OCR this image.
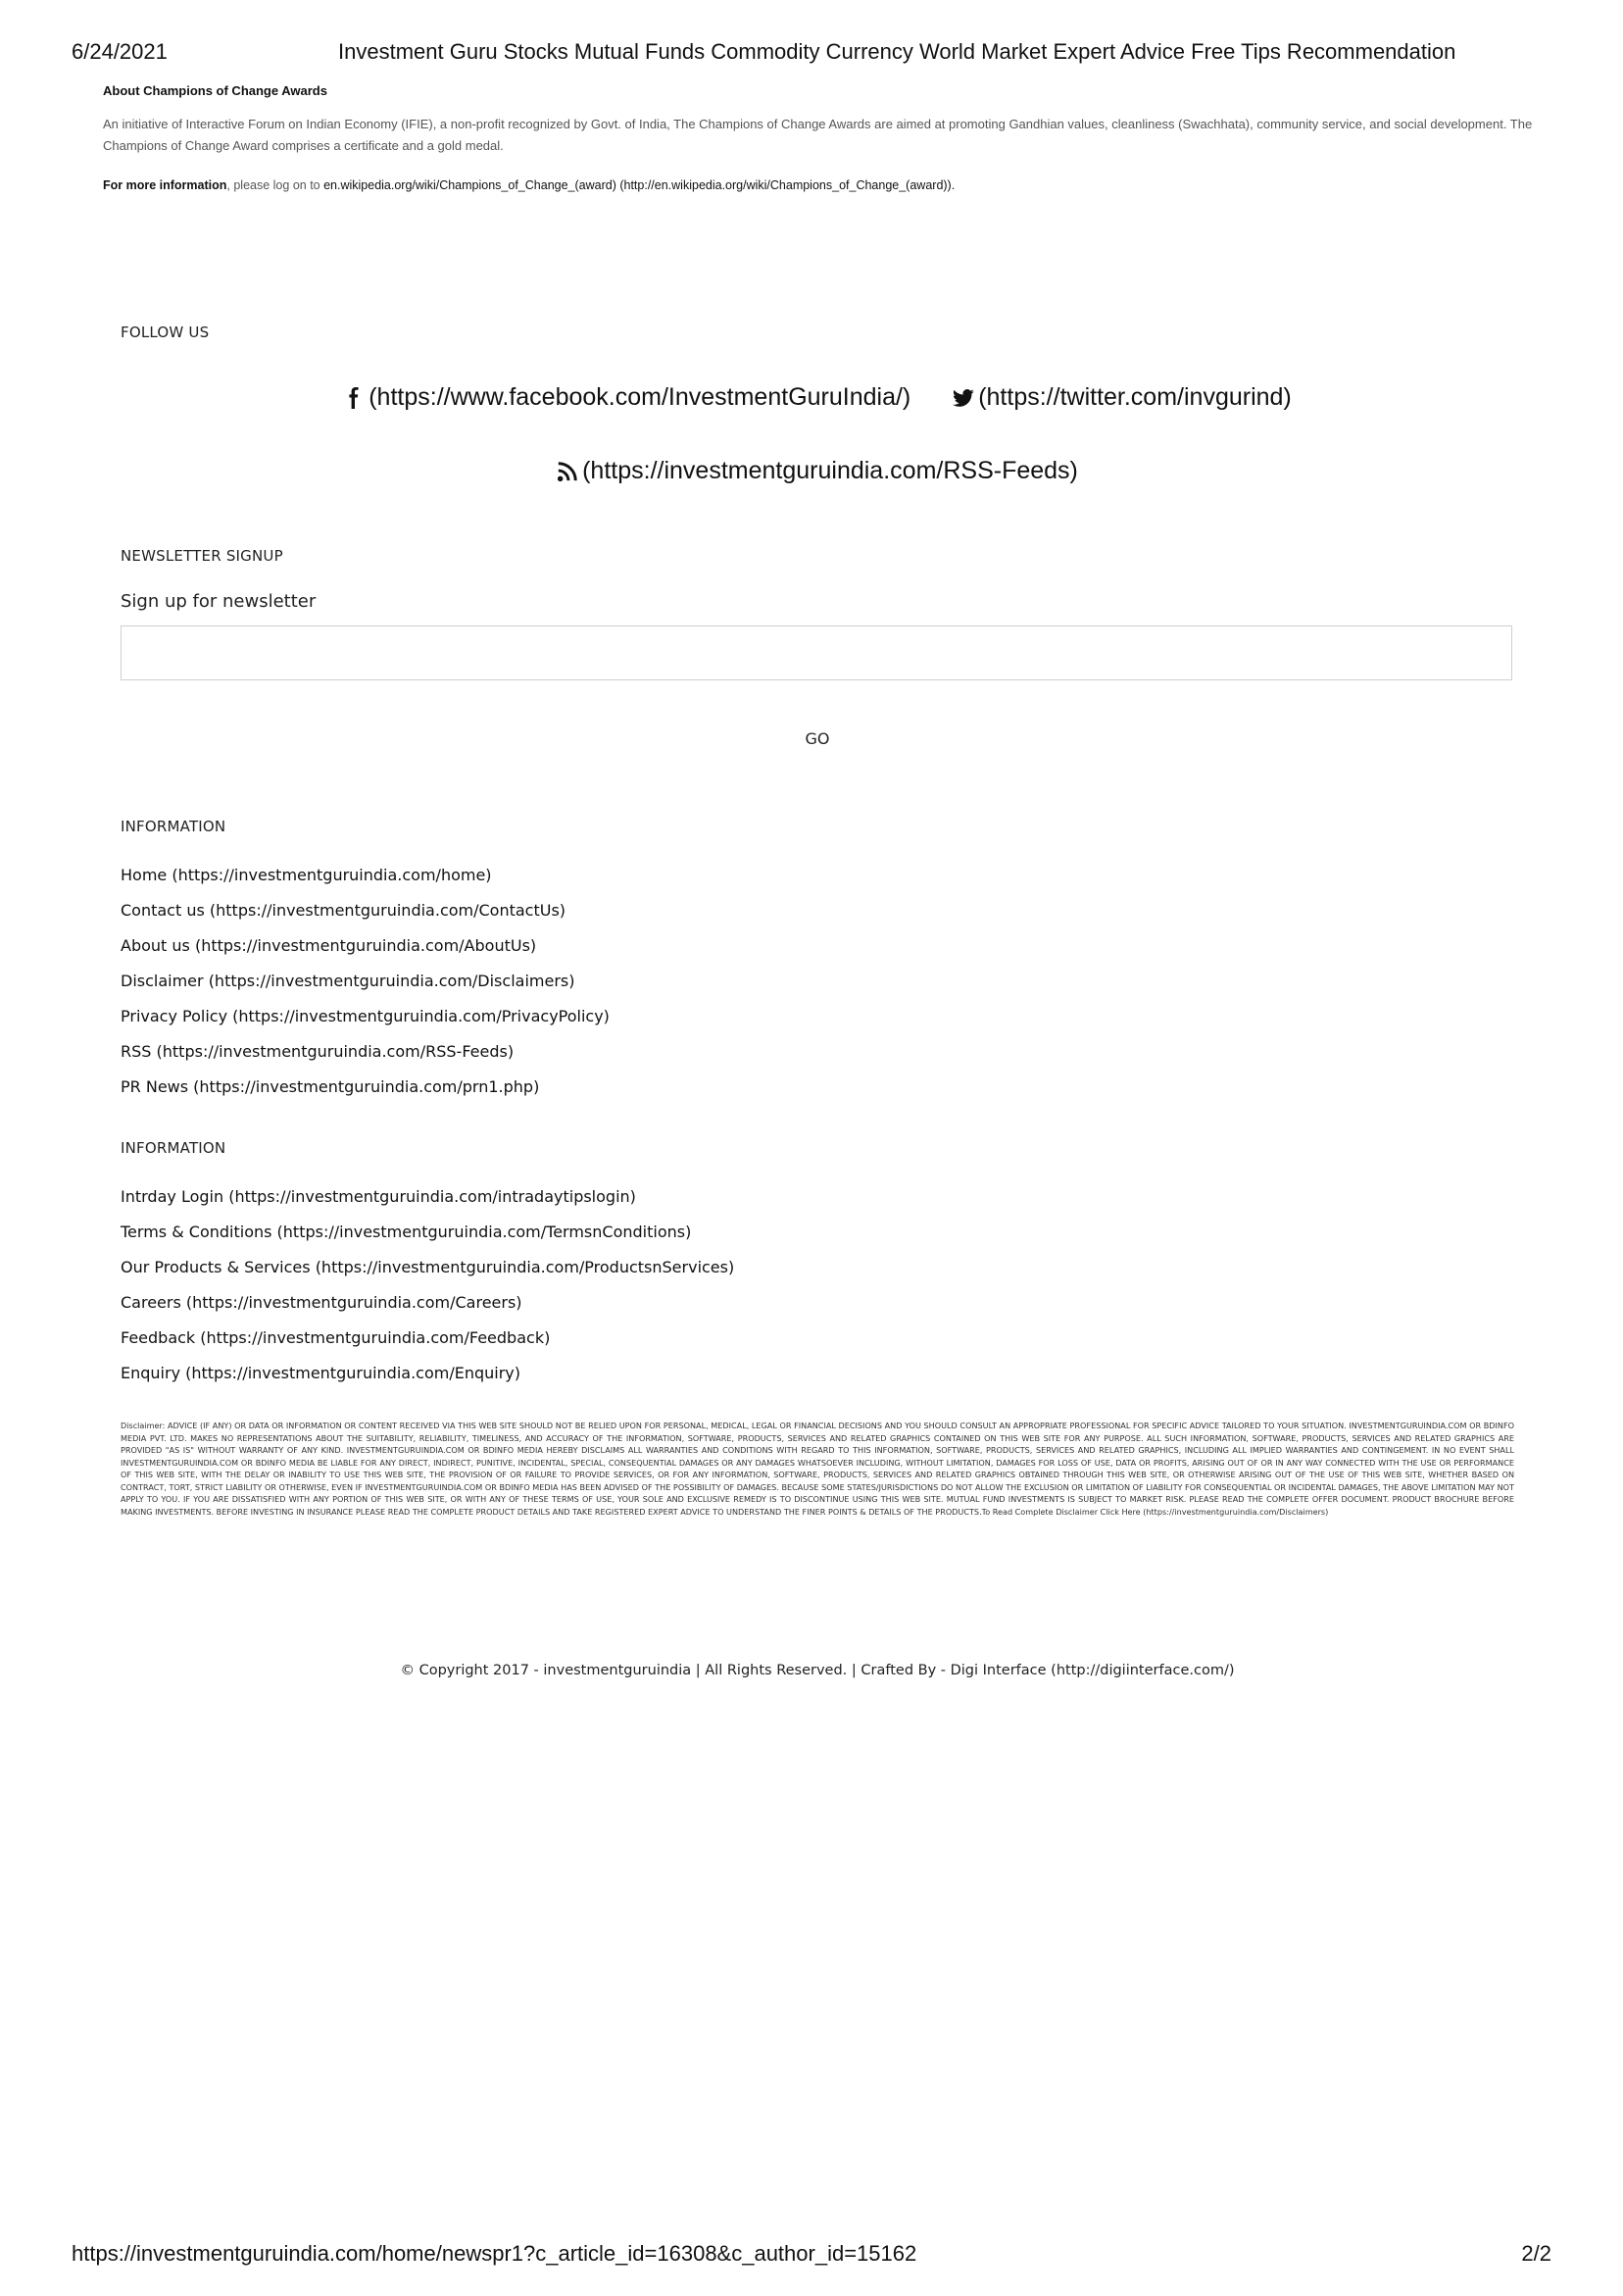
6/24/2021	Investment Guru Stocks Mutual Funds Commodity Currency World Market Expert Advice Free Tips Recommendation

About Champions of Change Awards

An initiative of Interactive Forum on Indian Economy (IFIE), a non-profit recognized by Govt. of India, The Champions of Change Awards are aimed at promoting Gandhian values, cleanliness (Swachhata), community service, and social development. The Champions of Change Award comprises a certificate and a gold medal.

For more information, please log on to en.wikipedia.org/wiki/Champions_of_Change_(award) (http://en.wikipedia.org/wiki/Champions_of_Change_(award)).

FOLLOW US

(https://www.facebook.com/InvestmentGuruIndia/)
	(https://twitter.com/invgurind)
(https://investmentguruindia.com/RSS-Feeds)

NEWSLETTER SIGNUP

Sign up for newsletter
GO

INFORMATION

Home (https://investmentguruindia.com/home)
Contact us (https://investmentguruindia.com/ContactUs)
About us (https://investmentguruindia.com/AboutUs)
Disclaimer (https://investmentguruindia.com/Disclaimers)
Privacy Policy (https://investmentguruindia.com/PrivacyPolicy)
RSS (https://investmentguruindia.com/RSS-Feeds)
PR News (https://investmentguruindia.com/prn1.php)

INFORMATION

Intrday Login (https://investmentguruindia.com/intradaytipslogin)
Terms & Conditions (https://investmentguruindia.com/TermsnConditions)
Our Products & Services (https://investmentguruindia.com/ProductsnServices)
Careers (https://investmentguruindia.com/Careers)
Feedback (https://investmentguruindia.com/Feedback)
Enquiry (https://investmentguruindia.com/Enquiry)
Disclaimer: ADVICE (IF ANY) OR DATA OR INFORMATION OR CONTENT RECEIVED VIA THIS WEB SITE SHOULD NOT BE RELIED UPON FOR PERSONAL, MEDICAL, LEGAL OR FINANCIAL DECISIONS AND YOU SHOULD CONSULT AN APPROPRIATE PROFESSIONAL FOR SPECIFIC ADVICE TAILORED TO YOUR SITUATION. INVESTMENTGURUINDIA.COM OR BDINFO MEDIA PVT. LTD. MAKES NO REPRESENTATIONS ABOUT THE SUITABILITY, RELIABILITY, TIMELINESS, AND ACCURACY OF THE INFORMATION, SOFTWARE, PRODUCTS, SERVICES AND RELATED GRAPHICS CONTAINED ON THIS WEB SITE FOR ANY PURPOSE. ALL SUCH INFORMATION, SOFTWARE, PRODUCTS, SERVICES AND RELATED GRAPHICS ARE PROVIDED "AS IS" WITHOUT WARRANTY OF ANY KIND. INVESTMENTGURUINDIA.COM OR BDINFO MEDIA HEREBY DISCLAIMS ALL WARRANTIES AND CONDITIONS WITH REGARD TO THIS INFORMATION, SOFTWARE, PRODUCTS, SERVICES AND RELATED GRAPHICS, INCLUDING ALL IMPLIED WARRANTIES AND CONTINGEMENT. IN NO EVENT SHALL INVESTMENTGURUINDIA.COM OR BDINFO MEDIA BE LIABLE FOR ANY DIRECT, INDIRECT, PUNITIVE, INCIDENTAL, SPECIAL, CONSEQUENTIAL DAMAGES OR ANY DAMAGES WHATSOEVER INCLUDING, WITHOUT LIMITATION, DAMAGES FOR LOSS OF USE, DATA OR PROFITS, ARISING OUT OF OR IN ANY WAY CONNECTED WITH THE USE OR PERFORMANCE OF THIS WEB SITE, WITH THE DELAY OR INABILITY TO USE THIS WEB SITE, THE PROVISION OF OR FAILURE TO PROVIDE SERVICES, OR FOR ANY INFORMATION, SOFTWARE, PRODUCTS, SERVICES AND RELATED GRAPHICS OBTAINED THROUGH THIS WEB SITE, OR OTHERWISE ARISING OUT OF THE USE OF THIS WEB SITE, WHETHER BASED ON CONTRACT, TORT, STRICT LIABILITY OR OTHERWISE, EVEN IF INVESTMENTGURUINDIA.COM OR BDINFO MEDIA HAS BEEN ADVISED OF THE POSSIBILITY OF DAMAGES. BECAUSE SOME STATES/JURISDICTIONS DO NOT ALLOW THE EXCLUSION OR LIMITATION OF LIABILITY FOR CONSEQUENTIAL OR INCIDENTAL DAMAGES, THE ABOVE LIMITATION MAY NOT APPLY TO YOU. IF YOU ARE DISSATISFIED WITH ANY PORTION OF THIS WEB SITE, OR WITH ANY OF THESE TERMS OF USE, YOUR SOLE AND EXCLUSIVE REMEDY IS TO DISCONTINUE USING THIS WEB SITE. MUTUAL FUND INVESTMENTS IS SUBJECT TO MARKET RISK. PLEASE READ THE COMPLETE OFFER DOCUMENT. PRODUCT BROCHURE BEFORE MAKING INVESTMENTS. BEFORE INVESTING IN INSURANCE PLEASE READ THE COMPLETE PRODUCT DETAILS AND TAKE REGISTERED EXPERT ADVICE TO UNDERSTAND THE FINER POINTS & DETAILS OF THE PRODUCTS.To Read Complete Disclaimer Click Here (https://investmentguruindia.com/Disclaimers)
© Copyright 2017 - investmentguruindia | All Rights Reserved. | Crafted By - Digi Interface (http://digiinterface.com/)
https://investmentguruindia.com/home/newspr1?c_article_id=16308&c_author_id=15162	2/2
